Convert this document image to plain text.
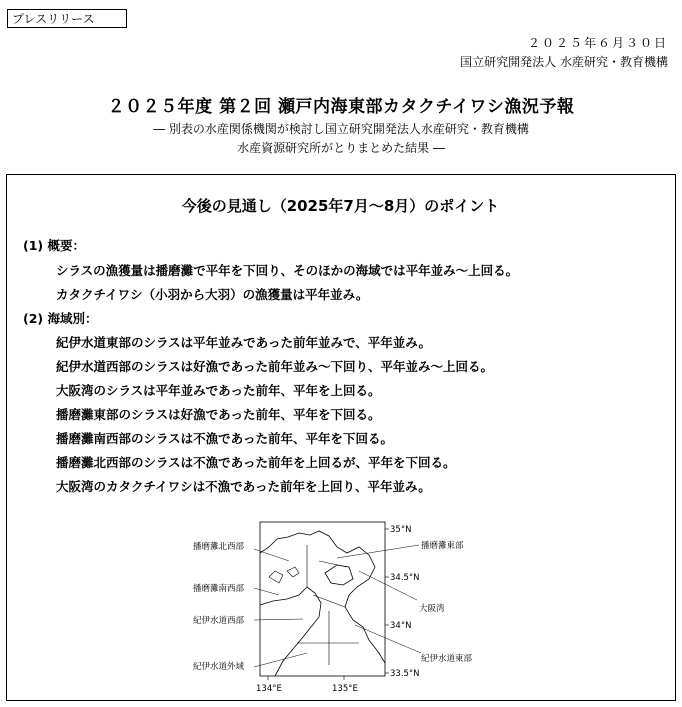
プレスリリース
２０２５年６月３０日
国立研究開発法人 水産研究・教育機構
２０２５年度 第２回 瀬戸内海東部カタクチイワシ漁況予報
― 別表の水産関係機関が検討し国立研究開発法人水産研究・教育機構
水産資源研究所がとりまとめた結果 ―
今後の見通し（2025年7月～8月）のポイント
(1) 概要：
シラスの漁獲量は播磨灘で平年を下回り、そのほかの海域では平年並み～上回る。
カタクチイワシ（小羽から大羽）の漁獲量は平年並み。
(2) 海域別：
紀伊水道東部のシラスは平年並みであった前年並みで、平年並み。
紀伊水道西部のシラスは好漁であった前年並み～下回り、平年並み～上回る。
大阪湾のシラスは平年並みであった前年、平年を上回る。
播磨灘東部のシラスは好漁であった前年、平年を下回る。
播磨灘南西部のシラスは不漁であった前年、平年を下回る。
播磨灘北西部のシラスは不漁であった前年を上回るが、平年を下回る。
大阪湾のカタクチイワシは不漁であった前年を上回り、平年並み。
播磨灘北西部
播磨灘南西部
紀伊水道西部
紀伊水道外域
播磨灘東部
大阪湾
紀伊水道東部
35°N
34.5°N
34°N
33.5°N
134°E	135°E
